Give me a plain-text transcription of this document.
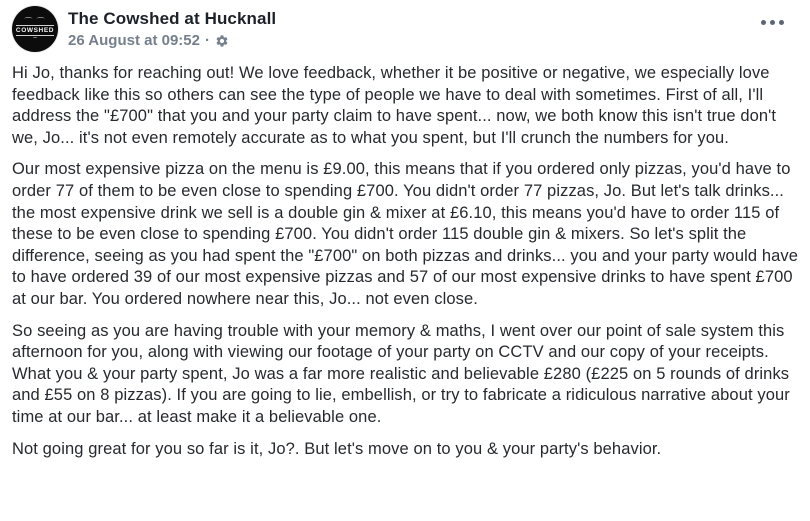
⌒ ⌒
COWSHED
~
The Cowshed at Hucknall
26 August at 09:52 ·

Hi Jo, thanks for reaching out! We love feedback, whether it be positive or negative, we especially love feedback like this so others can see the type of people we have to deal with sometimes. First of all, I'll address the "£700" that you and your party claim to have spent... now, we both know this isn't true don't we, Jo... it's not even remotely accurate as to what you spent, but I'll crunch the numbers for you.

Our most expensive pizza on the menu is £9.00, this means that if you ordered only pizzas, you'd have to order 77 of them to be even close to spending £700. You didn't order 77 pizzas, Jo. But let's talk drinks... the most expensive drink we sell is a double gin & mixer at £6.10, this means you'd have to order 115 of these to be even close to spending £700. You didn't order 115 double gin & mixers. So let's split the difference, seeing as you had spent the "£700" on both pizzas and drinks... you and your party would have to have ordered 39 of our most expensive pizzas and 57 of our most expensive drinks to have spent £700 at our bar. You ordered nowhere near this, Jo... not even close.

So seeing as you are having trouble with your memory & maths, I went over our point of sale system this afternoon for you, along with viewing our footage of your party on CCTV and our copy of your receipts. What you & your party spent, Jo was a far more realistic and believable £280 (£225 on 5 rounds of drinks and £55 on 8 pizzas). If you are going to lie, embellish, or try to fabricate a ridiculous narrative about your time at our bar... at least make it a believable one.

Not going great for you so far is it, Jo?. But let's move on to you & your party's behavior.
